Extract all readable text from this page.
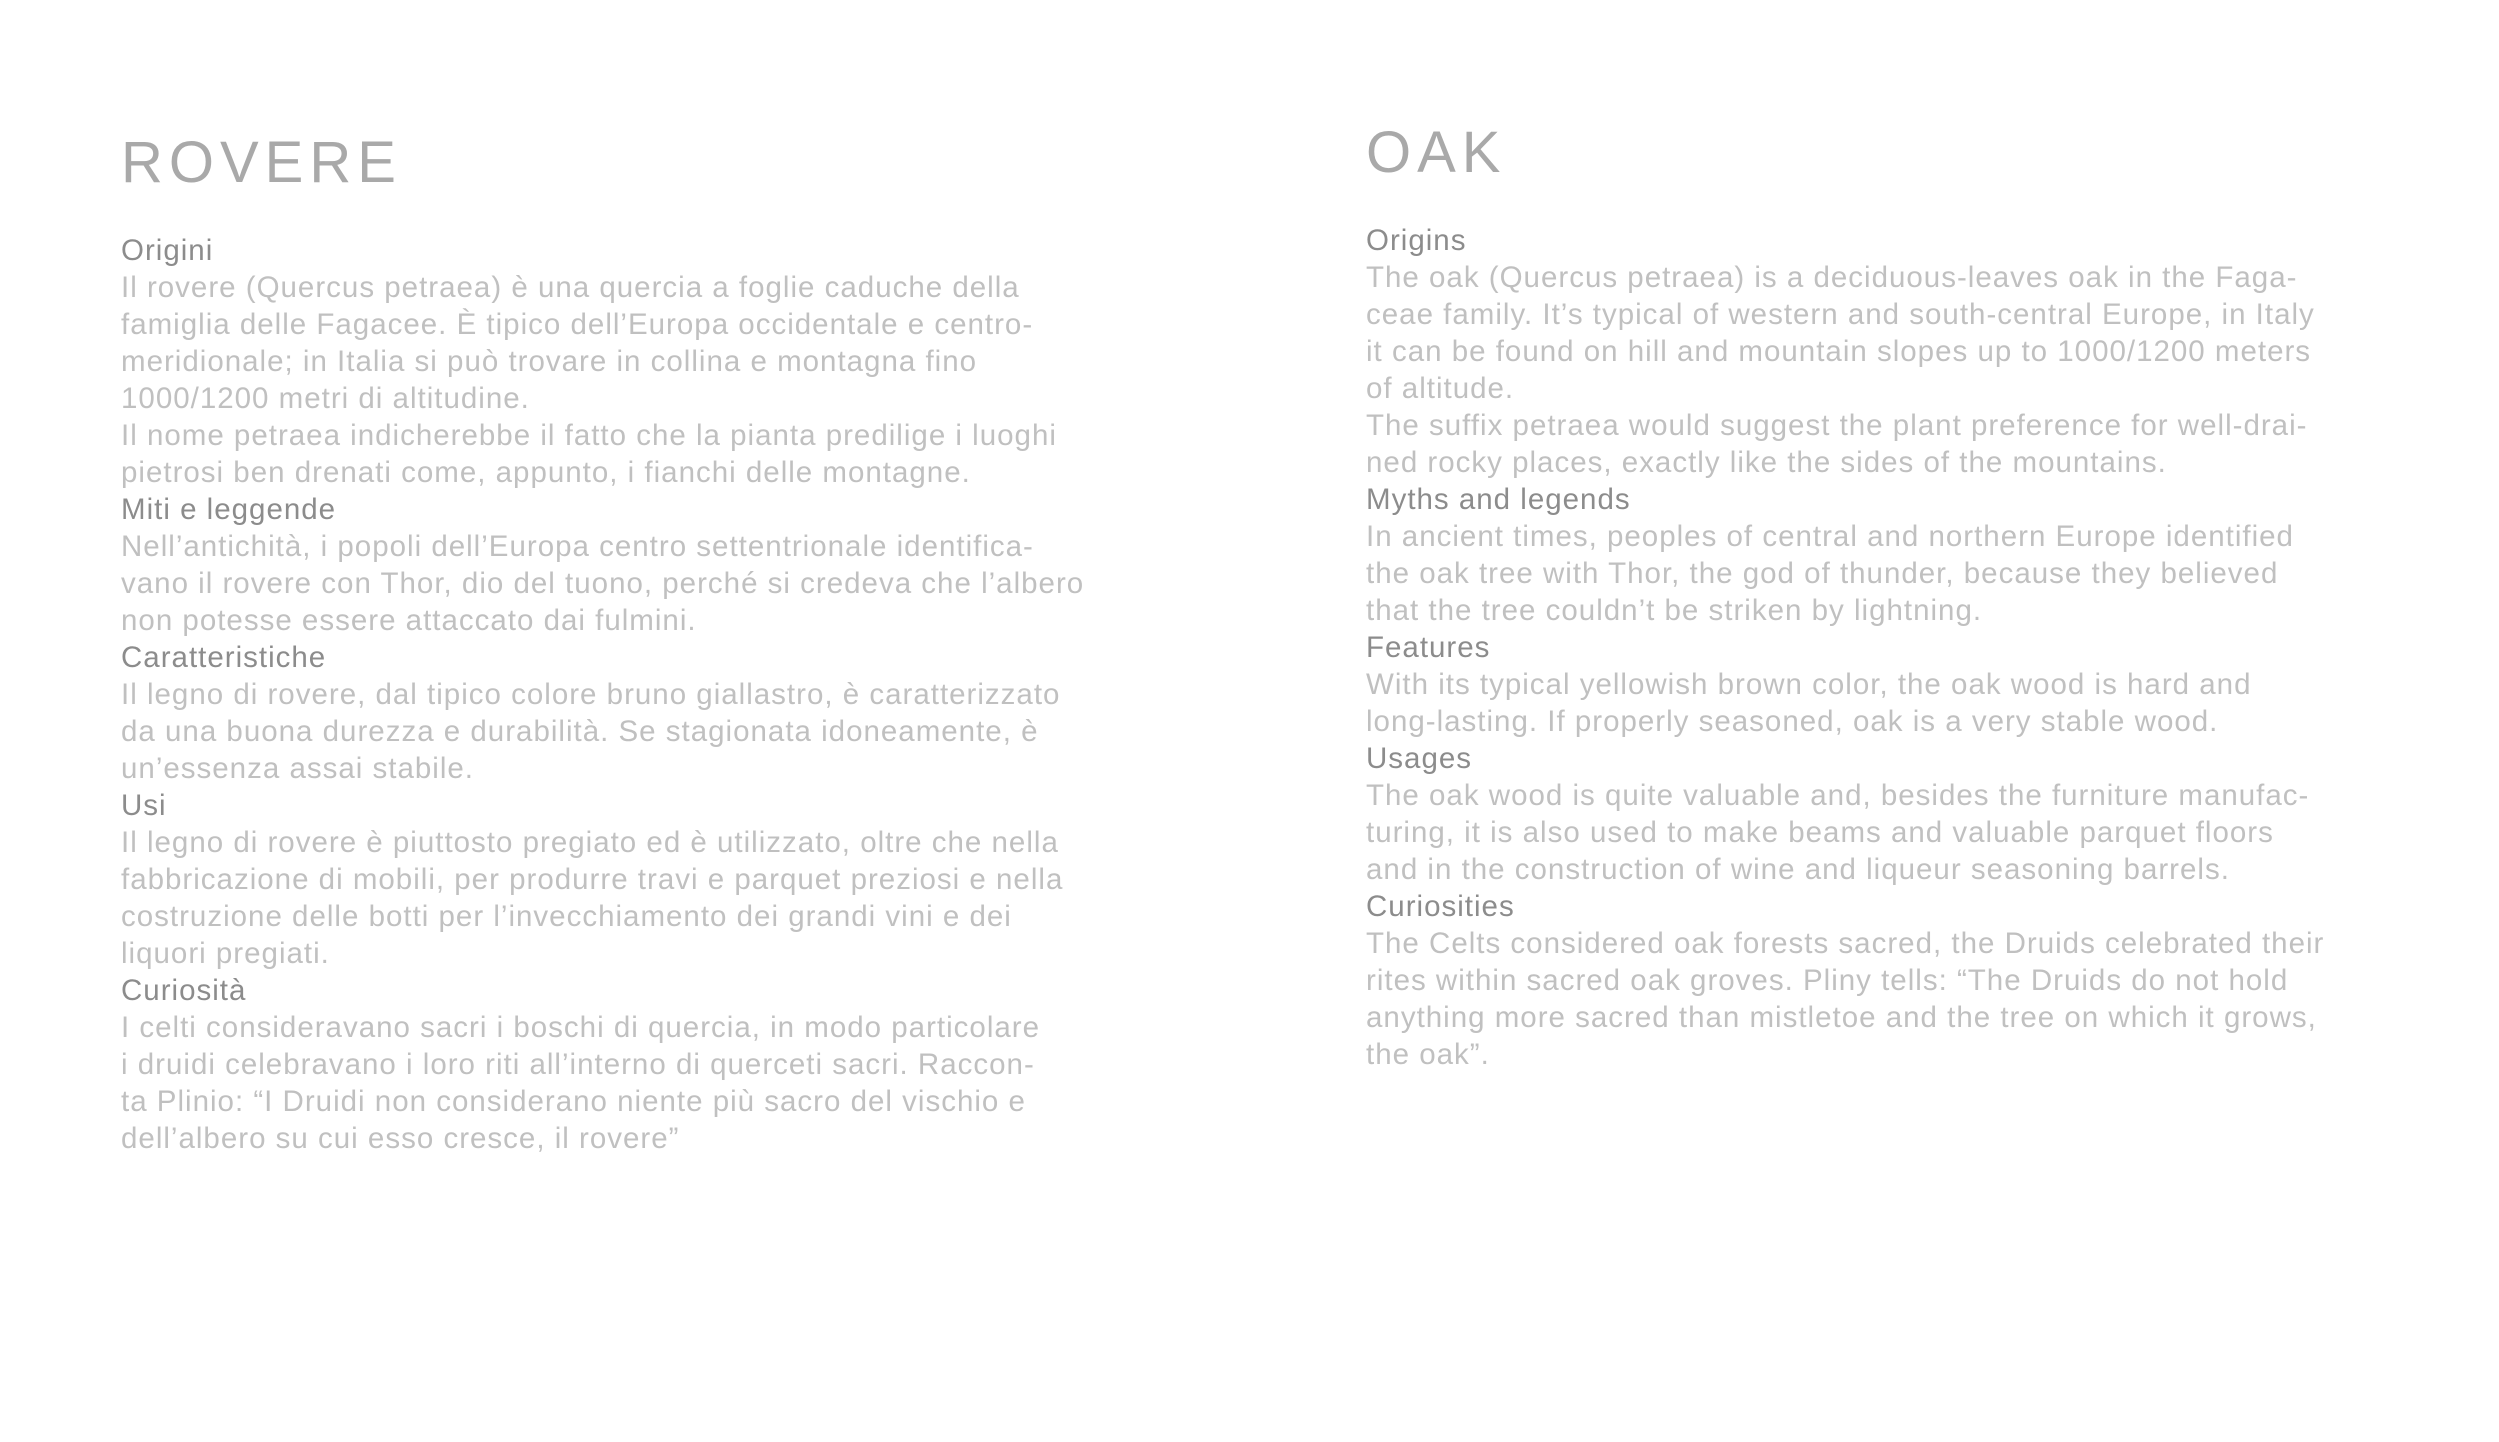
ROVERE

Origini

Il rovere (Quercus petraea) è una quercia a foglie caduche della
famiglia delle Fagacee. È tipico dell’Europa occidentale e centro-
meridionale; in Italia si può trovare in collina e montagna fino
1000/1200 metri di altitudine.
Il nome petraea indicherebbe il fatto che la pianta predilige i luoghi
pietrosi ben drenati come, appunto, i fianchi delle montagne.

Miti e leggende

Nell’antichità, i popoli dell’Europa centro settentrionale identifica-
vano il rovere con Thor, dio del tuono, perché si credeva che l’albero
non potesse essere attaccato dai fulmini.

Caratteristiche

Il legno di rovere, dal tipico colore bruno giallastro, è caratterizzato
da una buona durezza e durabilità. Se stagionata idoneamente, è
un’essenza assai stabile.

Usi

Il legno di rovere è piuttosto pregiato ed è utilizzato, oltre che nella
fabbricazione di mobili, per produrre travi e parquet preziosi e nella
costruzione delle botti per l’invecchiamento dei grandi vini e dei
liquori pregiati.

Curiosità

I celti consideravano sacri i boschi di quercia, in modo particolare
i druidi celebravano i loro riti all’interno di querceti sacri. Raccon-
ta Plinio: “I Druidi non considerano niente più sacro del vischio e
dell’albero su cui esso cresce, il rovere”

OAK

Origins

The oak (Quercus petraea) is a deciduous-leaves oak in the Faga-
ceae family. It’s typical of western and south-central Europe, in Italy
it can be found on hill and mountain slopes up to 1000/1200 meters
of altitude.
The suffix petraea would suggest the plant preference for well-drai-
ned rocky places, exactly like the sides of the mountains.

Myths and legends

In ancient times, peoples of central and northern Europe identified
the oak tree with Thor, the god of thunder, because they believed
that the tree couldn’t be striken by lightning.

Features

With its typical yellowish brown color, the oak wood is hard and
long-lasting. If properly seasoned, oak is a very stable wood.

Usages

The oak wood is quite valuable and, besides the furniture manufac-
turing, it is also used to make beams and valuable parquet floors
and in the construction of wine and liqueur seasoning barrels.

Curiosities

The Celts considered oak forests sacred, the Druids celebrated their
rites within sacred oak groves. Pliny tells: “The Druids do not hold
anything more sacred than mistletoe and the tree on which it grows,
the oak”.
